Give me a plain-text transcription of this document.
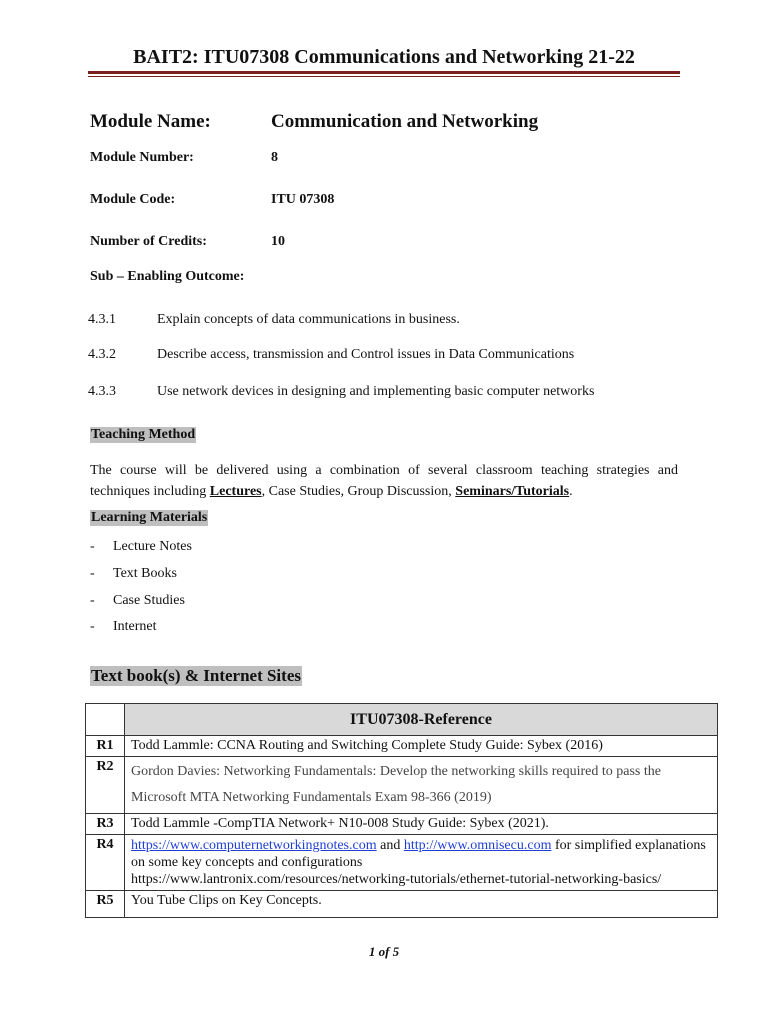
BAIT2: ITU07308 Communications and Networking 21-22
Module Name:	Communication and Networking
Module Number:	8
Module Code:	ITU 07308
Number of Credits:	10
Sub – Enabling Outcome:
4.3.1	Explain concepts of data communications in business.
4.3.2	Describe access, transmission and Control issues in Data Communications
4.3.3	Use network devices in designing and implementing basic computer networks
Teaching Method
The course will be delivered using a combination of several classroom teaching strategies and techniques including Lectures, Case Studies, Group Discussion, Seminars/Tutorials.
Learning Materials
- Lecture Notes
- Text Books
- Case Studies
- Internet
Text book(s) & Internet Sites
	ITU07308-Reference
R1	Todd Lammle: CCNA Routing and Switching Complete Study Guide: Sybex (2016)
R2	Gordon Davies: Networking Fundamentals: Develop the networking skills required to pass the Microsoft MTA Networking Fundamentals Exam 98-366 (2019)
R3	Todd Lammle -CompTIA Network+ N10-008 Study Guide: Sybex (2021).
R4	https://www.computernetworkingnotes.com and http://www.omnisecu.com for simplified explanations on some key concepts and configurations
https://www.lantronix.com/resources/networking-tutorials/ethernet-tutorial-networking-basics/
R5	You Tube Clips on Key Concepts.
1 of 5
